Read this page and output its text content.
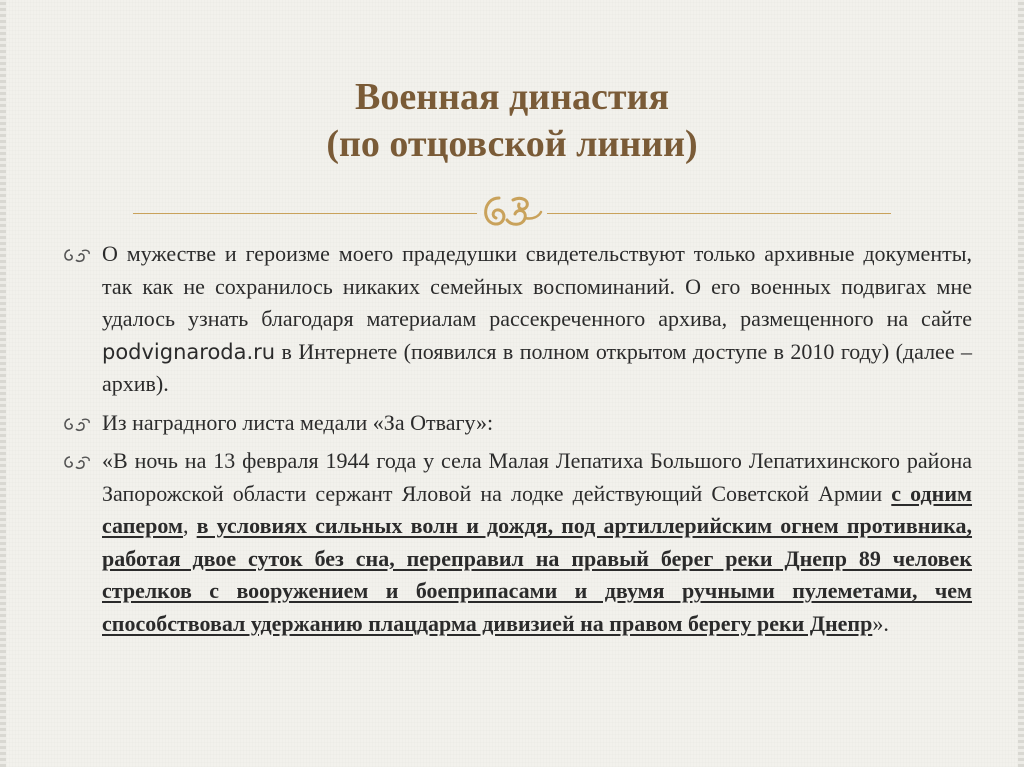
Военная династия
(по отцовской линии)
О мужестве и героизме моего прадедушки свидетельствуют только архивные документы, так как не сохранилось никаких семейных воспоминаний. О его военных подвигах мне удалось узнать благодаря материалам рассекреченного архива, размещенного на сайте podvignaroda.ru в Интернете (появился в полном открытом доступе в 2010 году) (далее – архив).
Из наградного листа медали «За Отвагу»:
«В ночь на 13 февраля 1944 года у села Малая Лепатиха Большого Лепатихинского района Запорожской области сержант Яловой на лодке действующий Советской Армии с одним сапером, в условиях сильных волн и дождя, под артиллерийским огнем противника, работая двое суток без сна, переправил на правый берег реки Днепр 89 человек стрелков с вооружением и боеприпасами и двумя ручными пулеметами, чем способствовал удержанию плацдарма дивизией на правом берегу реки Днепр».
